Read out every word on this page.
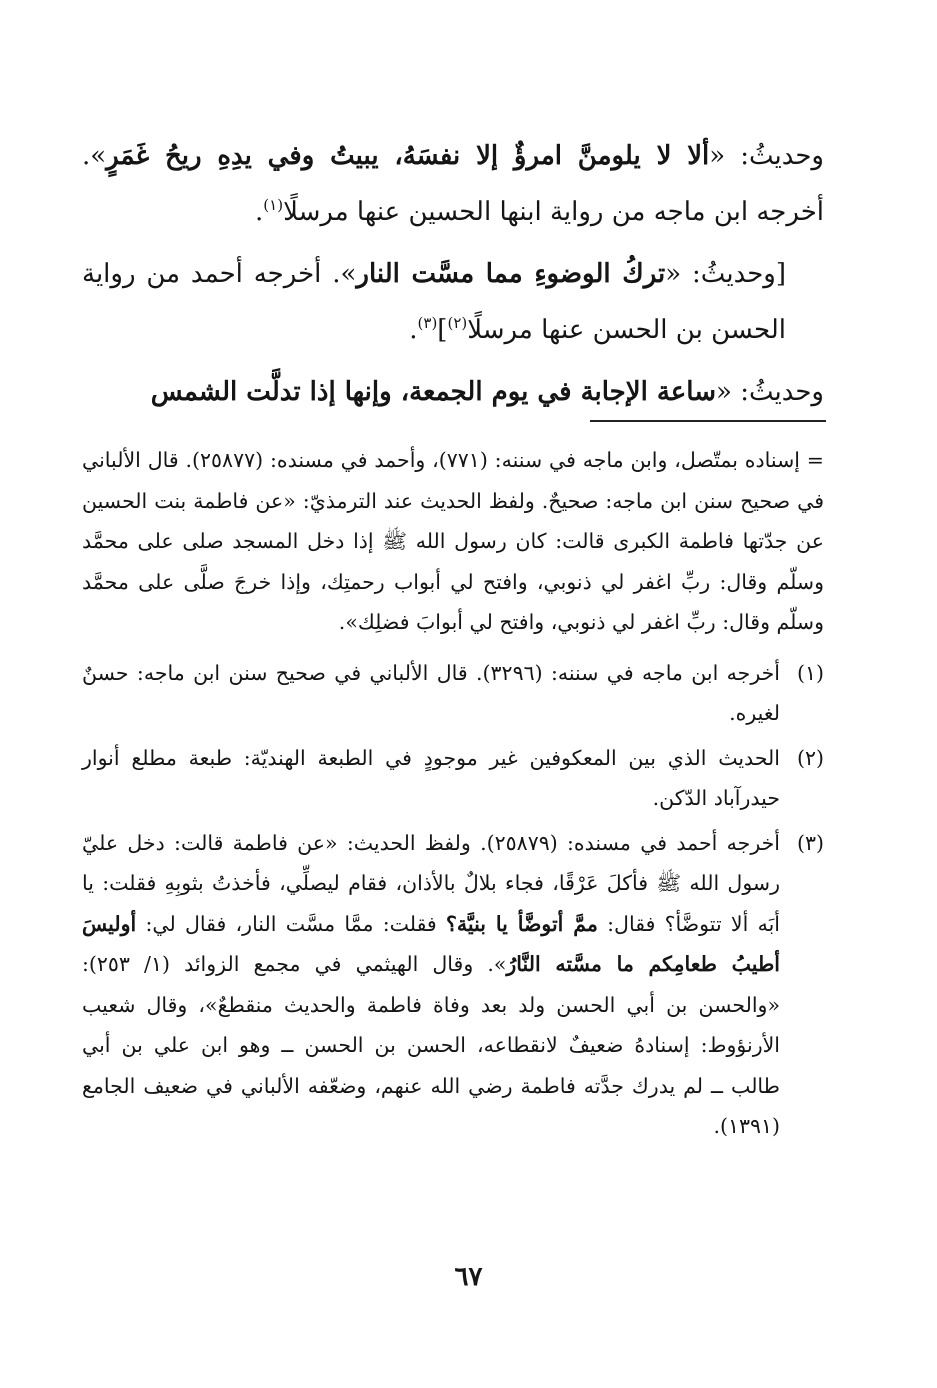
وحديثُ: «ألا لا يلومنَّ امرؤٌ إلا نفسَهُ، يبيتُ وفي يدِهِ ريحُ غَمَرٍ». أخرجه ابن ماجه من رواية ابنها الحسين عنها مرسلًا$^{(١)}$.

[وحديثُ: «تركُ الوضوءِ مما مسَّت النار». أخرجه أحمد من رواية الحسن بن الحسن عنها مرسلًا$^{(٢)}$]$^{(٣)}$.

وحديثُ: «ساعة الإجابة في يوم الجمعة، وإنها إذا تدلَّت الشمس

= إسناده بمتّصل، وابن ماجه في سننه: (٧٧١)، وأحمد في مسنده: (٢٥٨٧٧). قال الألباني في صحيح سنن ابن ماجه: صحيحٌ. ولفظ الحديث عند الترمذيّ: «عن فاطمة بنت الحسين عن جدّتها فاطمة الكبرى قالت: كان رسول الله ﷺ إذا دخل المسجد صلى على محمَّد وسلّم وقال: ربِّ اغفر لي ذنوبي، وافتح لي أبواب رحمتِك، وإذا خرجَ صلَّى على محمَّد وسلّم وقال: ربِّ اغفر لي ذنوبي، وافتح لي أبوابَ فضلِك».

(١)
أخرجه ابن ماجه في سننه: (٣٢٩٦). قال الألباني في صحيح سنن ابن ماجه: حسنٌ لغيره.
(٢)
الحديث الذي بين المعكوفين غير موجودٍ في الطبعة الهنديّة: طبعة مطلع أنوار حيدرآباد الدّكن.
(٣)
أخرجه أحمد في مسنده: (٢٥٨٧٩). ولفظ الحديث: «عن فاطمة قالت: دخل عليّ رسول الله ﷺ فأكلَ عَرْقًا، فجاء بلالٌ بالأذان، فقام ليصلِّي، فأخذتُ بثوبِهِ فقلت: يا أبَه ألا تتوضَّأ؟ فقال: ممَّ أتوضَّأ يا بنيَّة؟ فقلت: ممَّا مسَّت النار، فقال لي: أوليسَ أطيبُ طعامِكم ما مسَّته النَّارُ». وقال الهيثمي في مجمع الزوائد (١/ ٢٥٣): «والحسن بن أبي الحسن ولد بعد وفاة فاطمة والحديث منقطعٌ»، وقال شعيب الأرنؤوط: إسنادهُ ضعيفٌ لانقطاعه، الحسن بن الحسن ــ وهو ابن علي بن أبي طالب ــ لم يدرك جدَّته فاطمة رضي الله عنهم، وضعّفه الألباني في ضعيف الجامع (١٣٩١).
٦٧
